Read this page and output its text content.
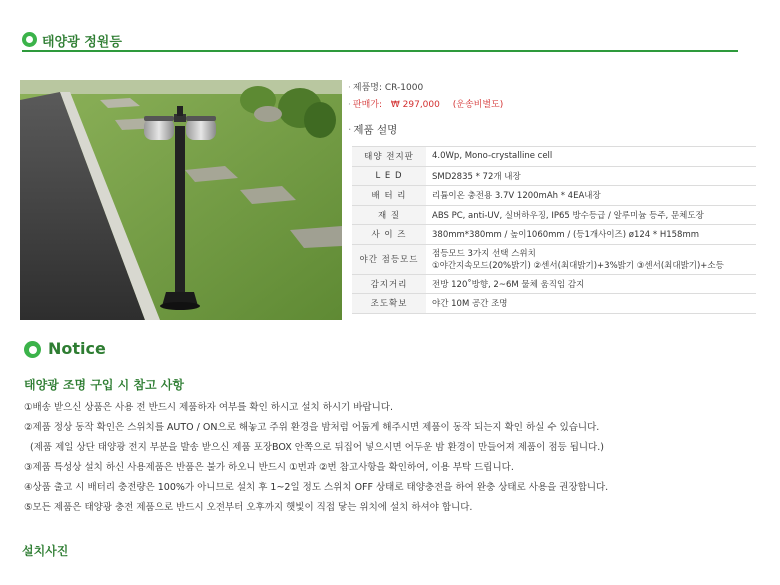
태양광 정원등
· 제품명: CR-1000
· 판매가: ₩ 297,000 (운송비별도)
· 제품 설명
태양 전지판	4.0Wp, Mono-crystalline cell
L E D	SMD2835 * 72개 내장
배 터 리	리튬이온 충전용 3.7V 1200mAh * 4EA내장
재 질	ABS PC, anti-UV, 실버하우징, IP65 방수등급 / 알루미늄 등주, 문체도장
사 이 즈	380mm*380mm / 높이1060mm / (등1개사이즈) ø124 * H158mm
야간 점등모드	점등모드 3가지 선택 스위치
①야간지속모드(20%밝기) ②센서(최대밝기)+3%밝기 ③센서(최대밝기)+소등

감지거리	전방 120˚방향, 2~6M 물체 움직임 감지
조도확보	야간 10M 공간 조명
Notice
태양광 조명 구입 시 참고 사항
①배송 받으신 상품은 사용 전 반드시 제품하자 여부를 확인 하시고 설치 하시기 바랍니다.
②제품 정상 동작 확인은 스위치를 AUTO / ON으로 해놓고 주위 환경을 밤처럼 어둡게 해주시면 제품이 동작 되는지 확인 하실 수 있습니다.
(제품 제일 상단 태양광 전지 부분을 발송 받으신 제품 포장BOX 안쪽으로 뒤집어 넣으시면 어두운 밤 환경이 만들어져 제품이 점등 됩니다.)
③제품 특성상 설치 하신 사용제품은 반품은 불가 하오니 반드시 ①번과 ②번 참고사항을 확인하여, 이용 부탁 드립니다.
④상품 출고 시 배터리 충전량은 100%가 아니므로 설치 후 1~2일 정도 스위치 OFF 상태로 태양충전을 하여 완충 상태로 사용을 권장합니다.
⑤모든 제품은 태양광 충전 제품으로 반드시 오전부터 오후까지 햇빛이 직접 닿는 위치에 설치 하셔야 합니다.
설치사진
